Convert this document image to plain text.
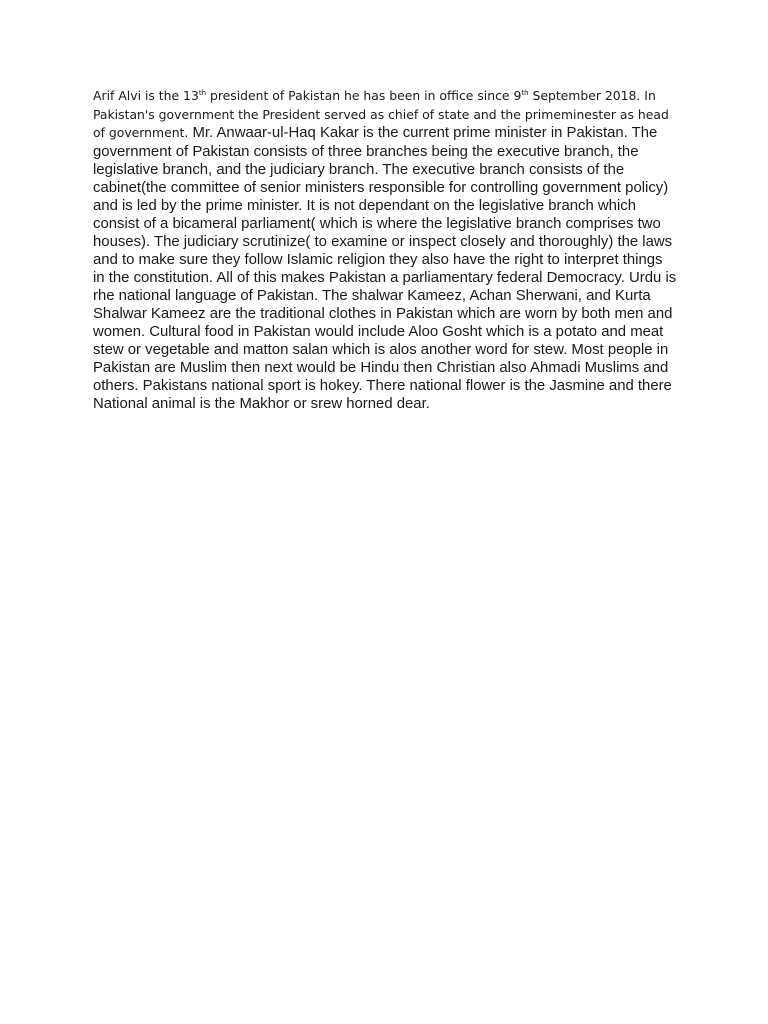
Arif Alvi is the 13th president of Pakistan he has been in office since 9th September 2018. In Pakistan's government the President served as chief of state and the primeminester as head of government. Mr. Anwaar-ul-Haq Kakar is the current prime minister in Pakistan. The government of Pakistan consists of three branches being the executive branch, the legislative branch, and the judiciary branch. The executive branch consists of the cabinet(the committee of senior ministers responsible for controlling government policy) and is led by the prime minister. It is not dependant on the legislative branch which consist of a bicameral parliament( which is where the legislative branch comprises two houses). The judiciary scrutinize( to examine or inspect closely and thoroughly) the laws and to make sure they follow Islamic religion they also have the right to interpret things in the constitution. All of this makes Pakistan a parliamentary federal Democracy. Urdu is rhe national language of Pakistan. The shalwar Kameez, Achan Sherwani, and Kurta Shalwar Kameez are the traditional clothes in Pakistan which are worn by both men and women. Cultural food in Pakistan would include Aloo Gosht which is a potato and meat stew or vegetable and matton salan which is alos another word for stew. Most people in Pakistan are Muslim then next would be Hindu then Christian also Ahmadi Muslims and others. Pakistans national sport is hokey. There national flower is the Jasmine and there National animal is the Makhor or srew horned dear.
